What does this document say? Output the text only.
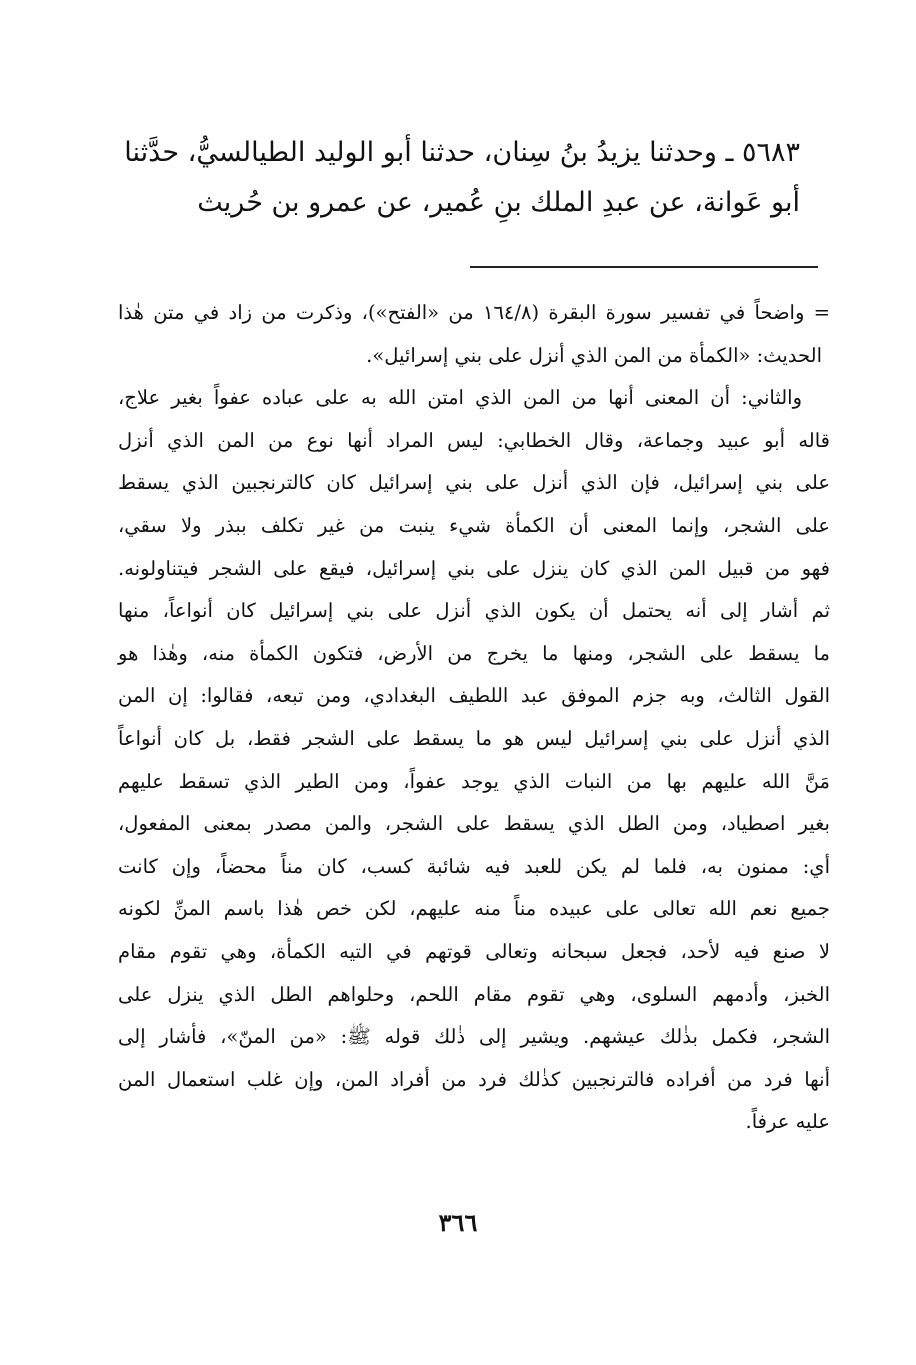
٥٦٨٣ ـ وحدثنا يزيدُ بنُ سِنان، حدثنا أبو الوليد الطيالسيُّ، حدَّثنا
أبو عَوانة، عن عبدِ الملك بنِ عُمير، عن عمرو بن حُريث
= واضحاً في تفسير سورة البقرة (١٦٤/٨ من «الفتح»)، وذكرت من زاد في متن هٰذا
الحديث: «الكمأة من المن الذي أنزل على بني إسرائيل».
والثاني: أن المعنى أنها من المن الذي امتن الله به على عباده عفواً بغير علاج،
قاله أبو عبيد وجماعة، وقال الخطابي: ليس المراد أنها نوع من المن الذي أنزل
على بني إسرائيل، فإن الذي أنزل على بني إسرائيل كان كالترنجبين الذي يسقط
على الشجر، وإنما المعنى أن الكمأة شيء ينبت من غير تكلف ببذر ولا سقي،
فهو من قبيل المن الذي كان ينزل على بني إسرائيل، فيقع على الشجر فيتناولونه.
ثم أشار إلى أنه يحتمل أن يكون الذي أنزل على بني إسرائيل كان أنواعاً، منها
ما يسقط على الشجر، ومنها ما يخرج من الأرض، فتكون الكمأة منه، وهٰذا هو
القول الثالث، وبه جزم الموفق عبد اللطيف البغدادي، ومن تبعه، فقالوا: إن المن
الذي أنزل على بني إسرائيل ليس هو ما يسقط على الشجر فقط، بل كان أنواعاً
مَنَّ الله عليهم بها من النبات الذي يوجد عفواً، ومن الطير الذي تسقط عليهم
بغير اصطياد، ومن الطل الذي يسقط على الشجر، والمن مصدر بمعنى المفعول،
أي: ممنون به، فلما لم يكن للعبد فيه شائبة كسب، كان مناً محضاً، وإن كانت
جميع نعم الله تعالى على عبيده مناً منه عليهم، لكن خص هٰذا باسم المنِّ لكونه
لا صنع فيه لأحد، فجعل سبحانه وتعالى قوتهم في التيه الكمأة، وهي تقوم مقام
الخبز، وأدمهم السلوى، وهي تقوم مقام اللحم، وحلواهم الطل الذي ينزل على
الشجر، فكمل بذٰلك عيشهم. ويشير إلى ذٰلك قوله ﷺ: «من المنّ»، فأشار إلى
أنها فرد من أفراده فالترنجبين كذٰلك فرد من أفراد المن، وإن غلب استعمال المن
عليه عرفاً.
٣٦٦
